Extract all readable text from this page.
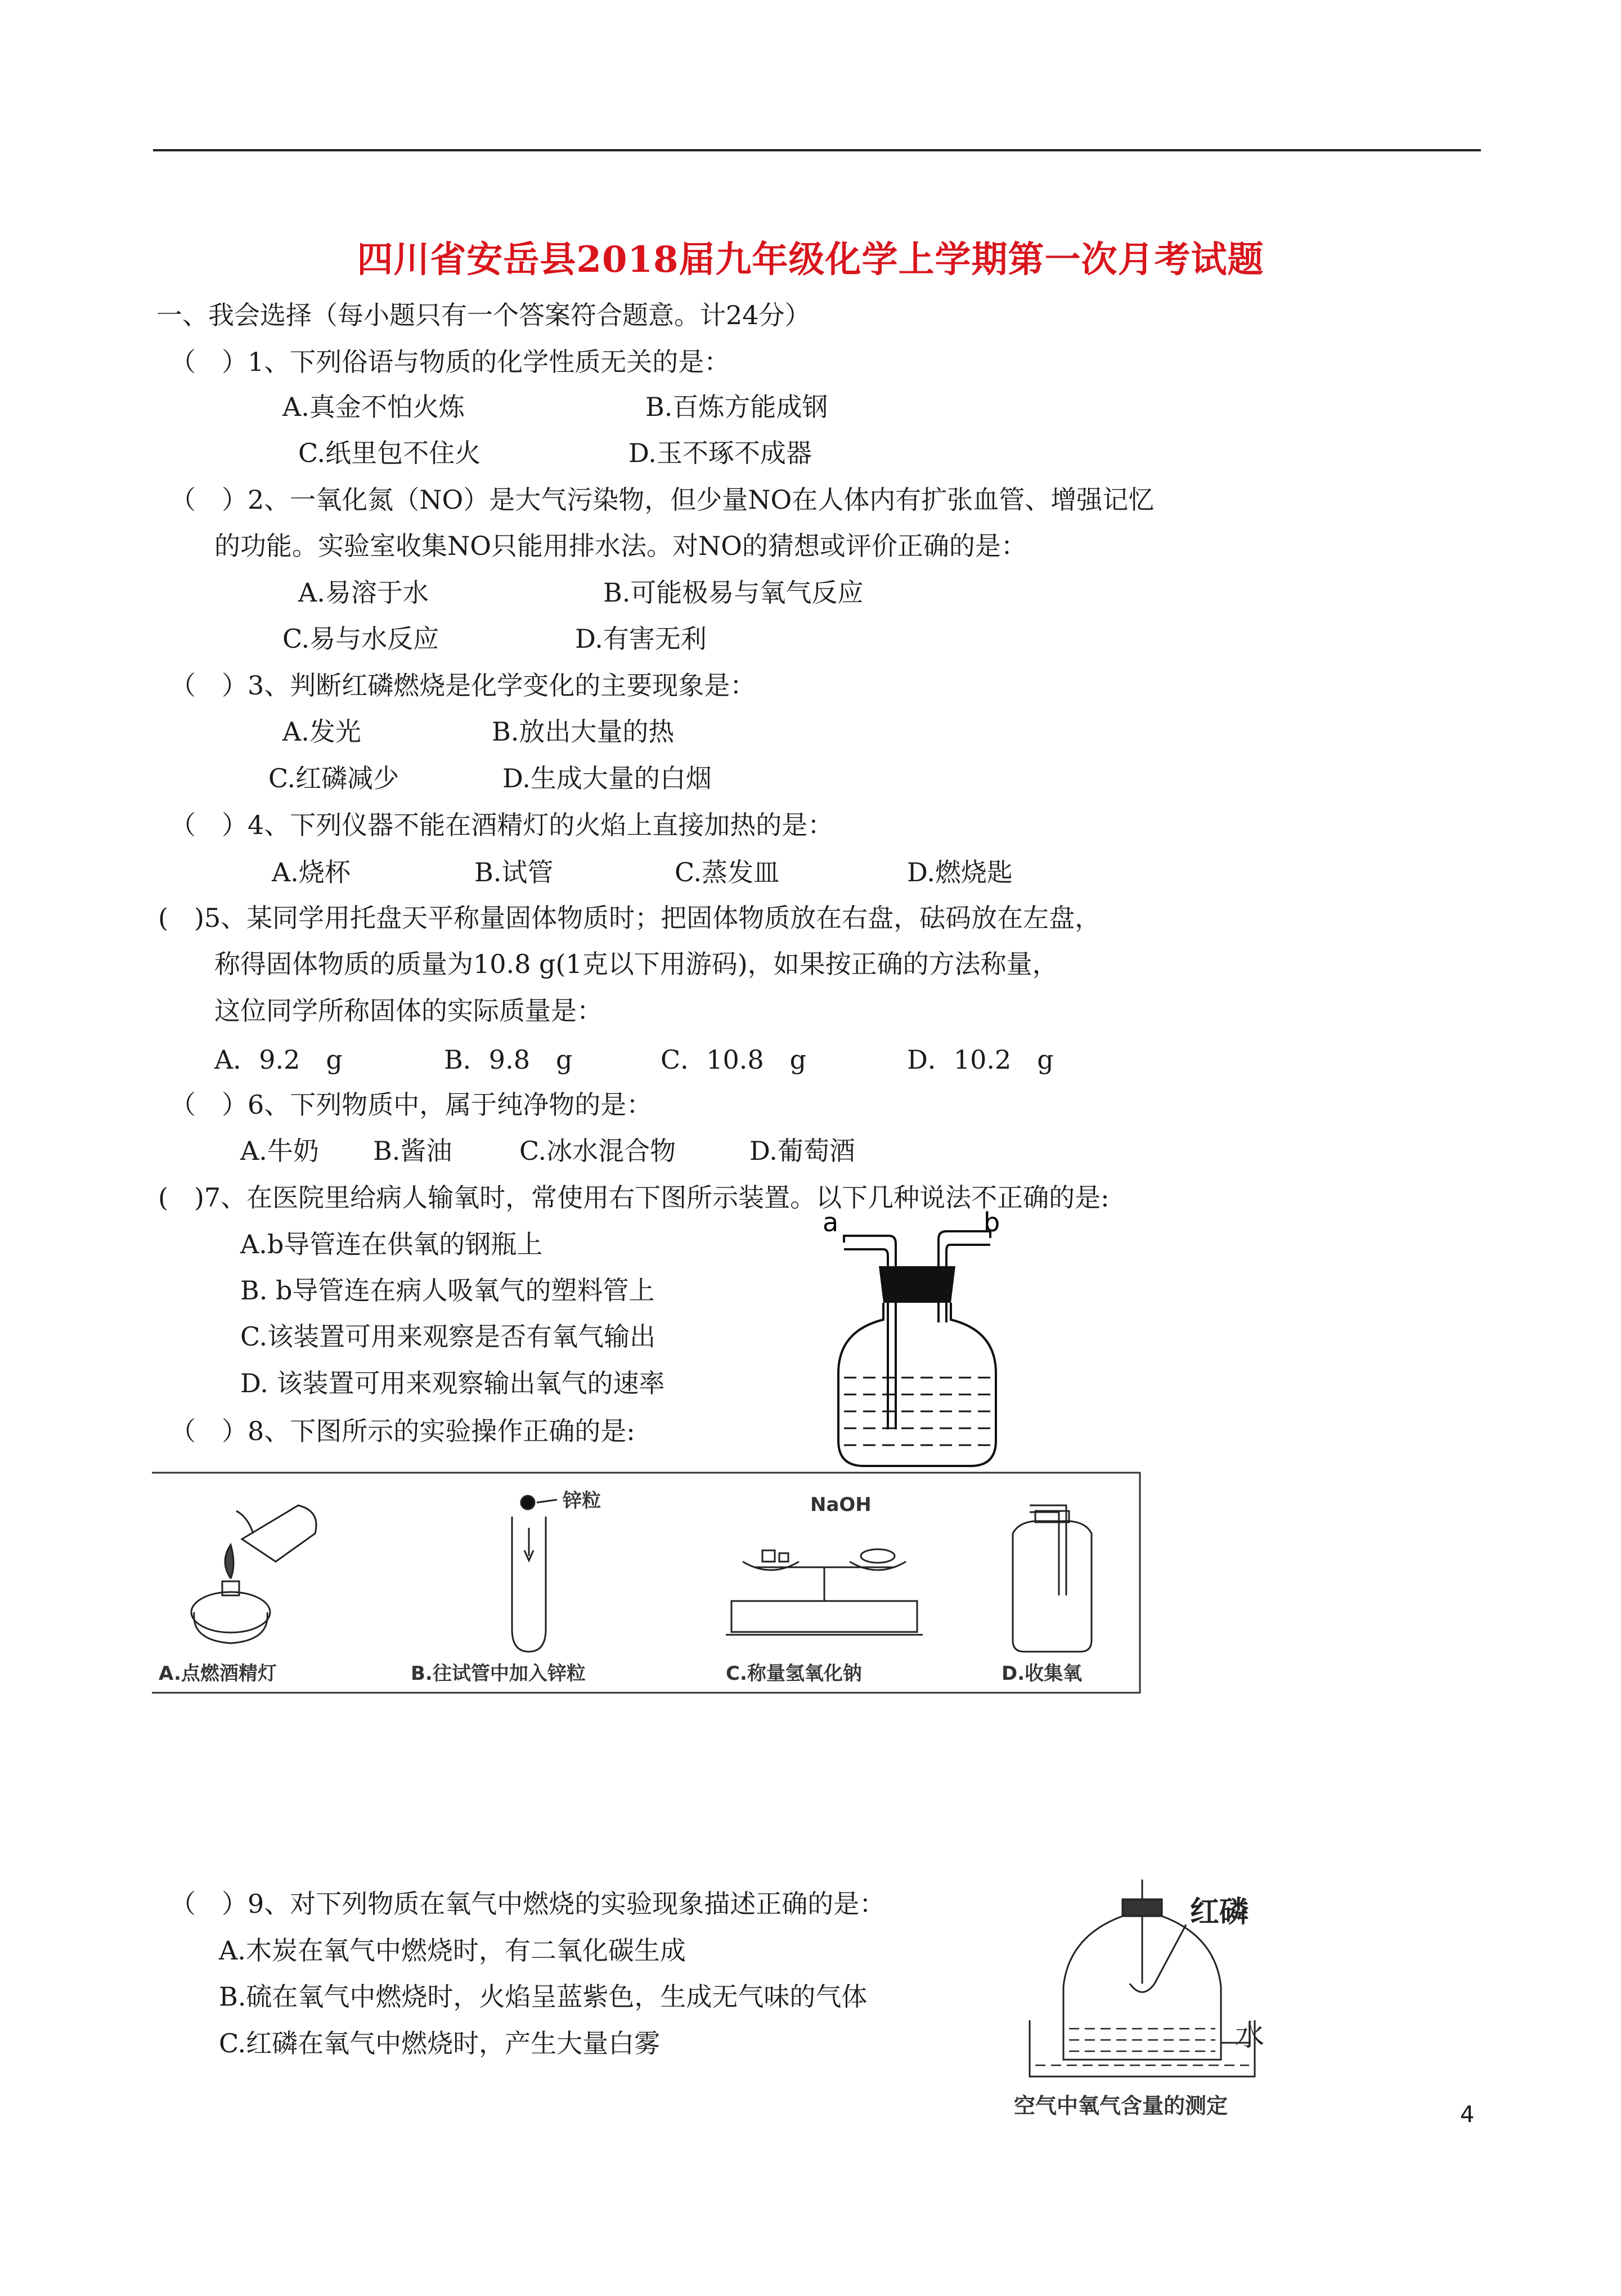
四川省安岳县2018届九年级化学上学期第一次月考试题
一、我会选择（每小题只有一个答案符合题意。计24分）
（　）1、下列俗语与物质的化学性质无关的是：
A.真金不怕火炼	B.百炼方能成钢
C.纸里包不住火	D.玉不琢不成器
（　）2、一氧化氮（NO）是大气污染物，但少量NO在人体内有扩张血管、增强记忆
的功能。实验室收集NO只能用排水法。对NO的猜想或评价正确的是：
A.易溶于水	B.可能极易与氧气反应
C.易与水反应	D.有害无利
（　）3、判断红磷燃烧是化学变化的主要现象是：
A.发光	B.放出大量的热
C.红磷减少	D.生成大量的白烟
（　）4、下列仪器不能在酒精灯的火焰上直接加热的是：
A.烧杯	B.试管	C.蒸发皿	D.燃烧匙
(　)5、某同学用托盘天平称量固体物质时；把固体物质放在右盘，砝码放在左盘，
称得固体物质的质量为10.8 g(1克以下用游码)，如果按正确的方法称量，
这位同学所称固体的实际质量是：
A．9.2　g	B．9.8　g	C．10.8　g	D．10.2　g
（　）6、下列物质中，属于纯净物的是：
A.牛奶 B.酱油	C.冰水混合物	D.葡萄酒
(　)7、在医院里给病人输氧时，常使用右下图所示装置。以下几种说法不正确的是:
A.b导管连在供氧的钢瓶上
B. b导管连在病人吸氧气的塑料管上
C.该装置可用来观察是否有氧气输出
D. 该装置可用来观察输出氧气的速率
a	b
（　）8、下图所示的实验操作正确的是:
A.点燃酒精灯
锌粒
B.往试管中加入锌粒
NaOH
C.称量氢氧化钠	D.收集氧
（　）9、对下列物质在氧气中燃烧的实验现象描述正确的是：
A.木炭在氧气中燃烧时，有二氧化碳生成
B.硫在氧气中燃烧时，火焰呈蓝紫色，生成无气味的气体
C.红磷在氧气中燃烧时，产生大量白雾
红磷
水
空气中氧气含量的测定	4
